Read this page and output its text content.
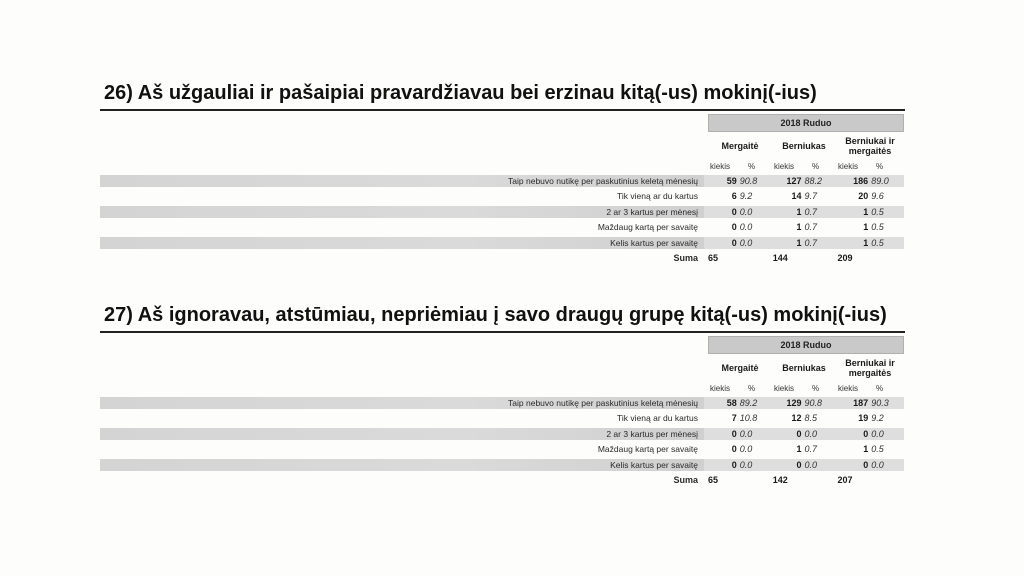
26) Aš užgauliai ir pašaipiai pravardžiavau bei erzinau kitą(-us) mokinį(-ius)
2018 Ruduo
Mergaitė	Berniukas	Berniukai ir mergaitės
kiekis	%	kiekis	%	kiekis	%
Taip nebuvo nutikę per paskutinius keletą mėnesių	59 90.8	127 88.2	186 89.0
Tik vieną ar du kartus	6 9.2	14 9.7	20 9.6
2 ar 3 kartus per mėnesį	0 0.0	1 0.7	1 0.5
Maždaug kartą per savaitę	0 0.0	1 0.7	1 0.5
Kelis kartus per savaitę	0 0.0	1 0.7	1 0.5
Suma	65	144	209
27) Aš ignoravau, atstūmiau, nepriėmiau į savo draugų grupę kitą(-us) mokinį(-ius)
2018 Ruduo
Mergaitė	Berniukas	Berniukai ir mergaitės
kiekis	%	kiekis	%	kiekis	%
Taip nebuvo nutikę per paskutinius keletą mėnesių	58 89.2	129 90.8	187 90.3
Tik vieną ar du kartus	7 10.8	12 8.5	19 9.2
2 ar 3 kartus per mėnesį	0 0.0	0 0.0	0 0.0
Maždaug kartą per savaitę	0 0.0	1 0.7	1 0.5
Kelis kartus per savaitę	0 0.0	0 0.0	0 0.0
Suma	65	142	207
